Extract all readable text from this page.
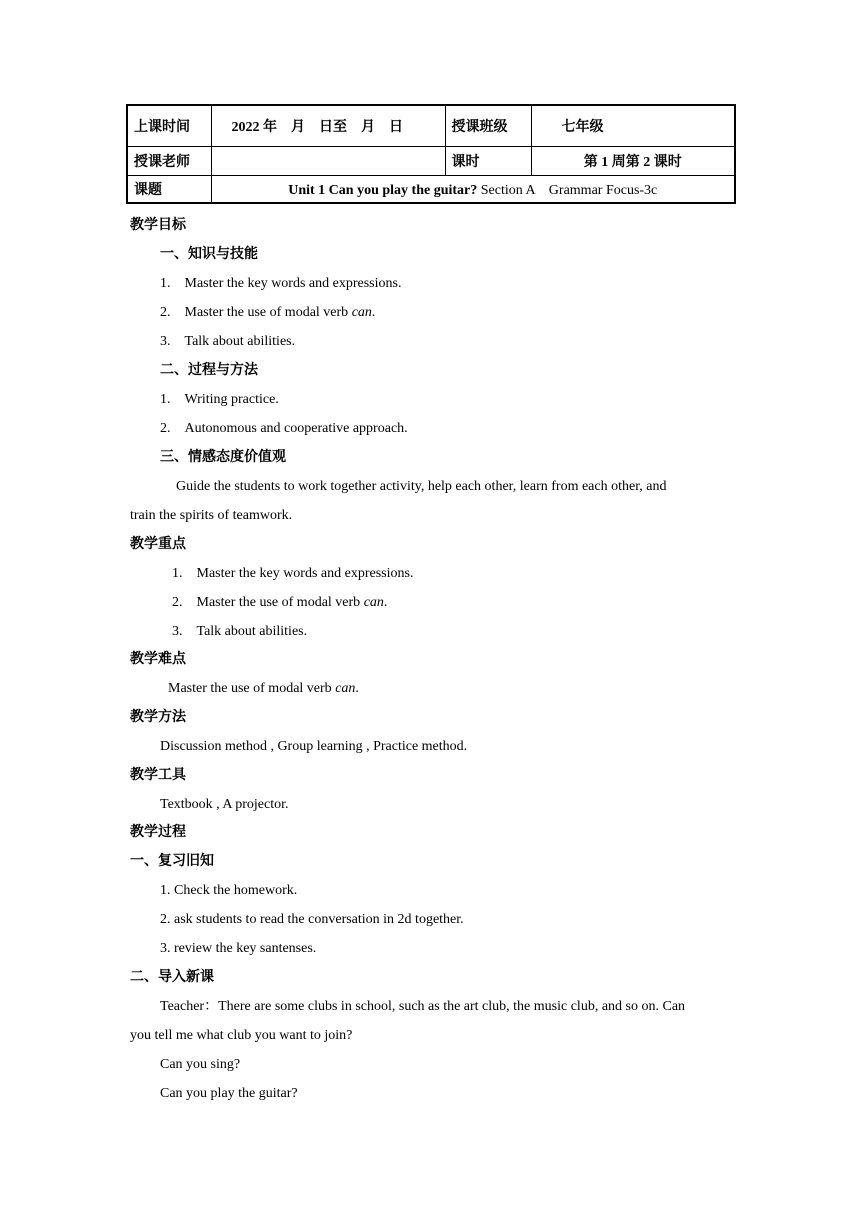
上课时间	2022 年　月　日至　月　日	授课班级	七年级
授课老师		课时	第 1 周第 2 课时
课题	Unit 1 Can you play the guitar? Section A　Grammar Focus-3c		
教学目标
一、知识与技能
1.　Master the key words and expressions.
2.　Master the use of modal verb can.
3.　Talk about abilities.
二、过程与方法
1.　Writing practice.
2.　Autonomous and cooperative approach.
三、情感态度价值观
Guide the students to work together activity, help each other, learn from each other, and
train the spirits of teamwork.
教学重点
1.　Master the key words and expressions.
2.　Master the use of modal verb can.
3.　Talk about abilities.
教学难点
Master the use of modal verb can.
教学方法
Discussion method , Group learning , Practice method.
教学工具
Textbook , A projector.
教学过程
一、复习旧知
1. Check the homework.
2. ask students to read the conversation in 2d together.
3. review the key santenses.
二、导入新课
Teacher：There are some clubs in school, such as the art club, the music club, and so on. Can
you tell me what club you want to join?
Can you sing?
Can you play the guitar?
